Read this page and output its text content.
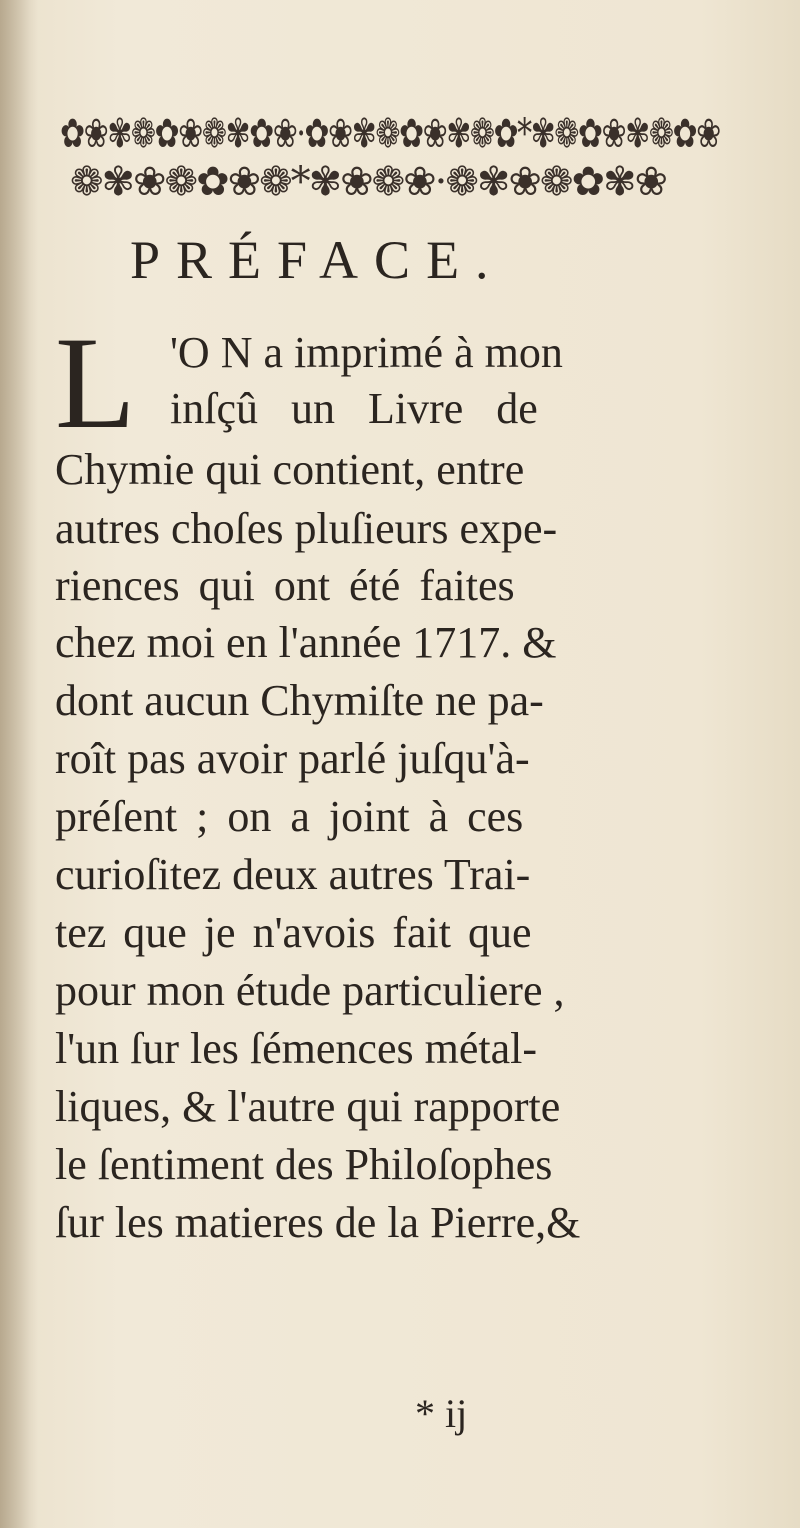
✿❀✾❁✿❀❁✾✿❀·✿❀✾❁✿❀✾❁✿*✾❁✿❀✾❁✿❀
❁✾❀❁✿❀❁*✾❀❁❀·❁✾❀❁✿✾❀
PRÉFACE.
L 'O N a imprimé à mon
inſçû un Livre de
Chymie qui contient, entre
autres choſes pluſieurs expe-
riences qui ont été faites
chez moi en l'année 1717. &
dont aucun Chymiſte ne pa-
roît pas avoir parlé juſqu'à-
préſent ; on a joint à ces
curioſitez deux autres Trai-
tez que je n'avois fait que
pour mon étude particuliere ,
l'un ſur les ſémences métal-
liques, & l'autre qui rapporte
le ſentiment des Philoſophes
ſur les matieres de la Pierre,&
* ij
